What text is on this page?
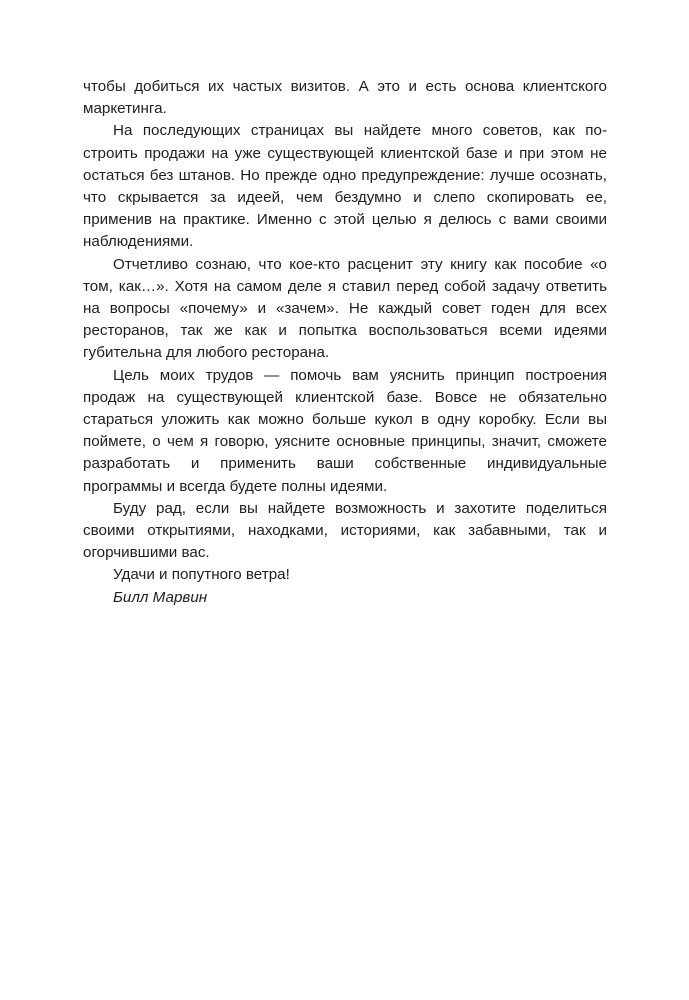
чтобы добиться их частых визитов. А это и есть основа клиентского маркетинга.

На последующих страницах вы найдете много советов, как построить продажи на уже существующей клиентской базе и при этом не остаться без штанов. Но прежде одно предупреждение: лучше осознать, что скрывается за идеей, чем бездумно и слепо скопировать ее, применив на практике. Именно с этой целью я делюсь с вами своими наблюдениями.

Отчетливо сознаю, что кое-кто расценит эту книгу как пособие «о том, как…». Хотя на самом деле я ставил перед собой задачу ответить на вопросы «почему» и «зачем». Не каждый совет годен для всех ресторанов, так же как и попытка воспользоваться всеми идеями губительна для любого ресторана.

Цель моих трудов — помочь вам уяснить принцип построения продаж на существующей клиентской базе. Вовсе не обязательно стараться уложить как можно больше кукол в одну коробку. Если вы поймете, о чем я говорю, уясните основные принципы, значит, сможете разработать и применить ваши собственные индивидуальные программы и всегда будете полны идеями.

Буду рад, если вы найдете возможность и захотите поделиться своими открытиями, находками, историями, как забавными, так и огорчившими вас.

Удачи и попутного ветра!

Билл Марвин
